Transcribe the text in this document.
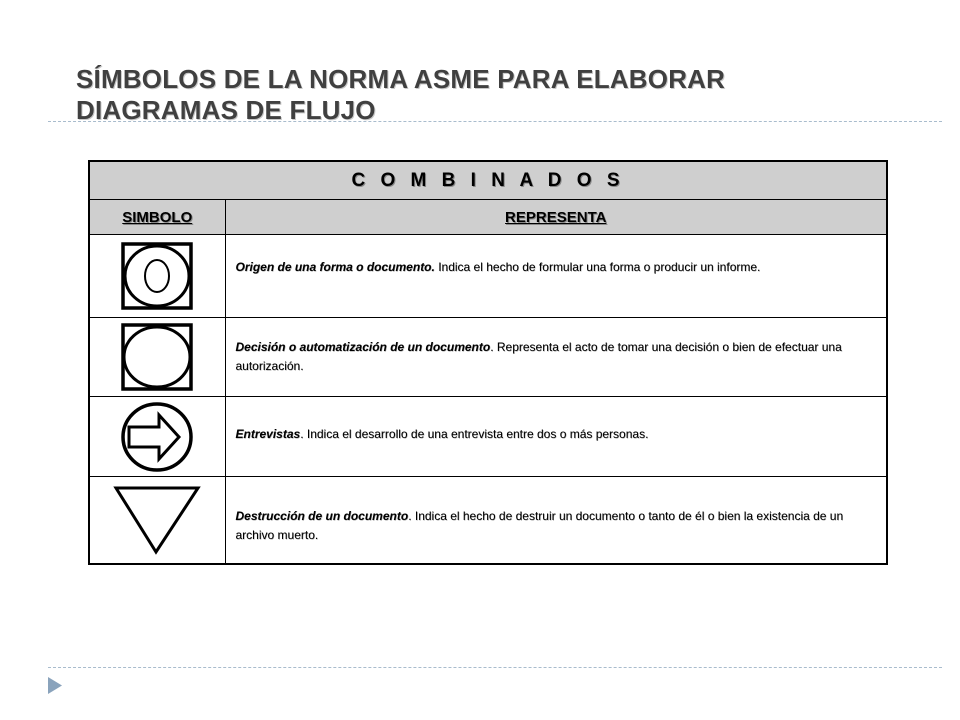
SÍMBOLOS DE LA NORMA ASME PARA ELABORAR DIAGRAMAS DE FLUJO
C O M B I N A D O S	
SIMBOLO	REPRESENTA

	Origen de una forma o documento. Indica el hecho de formular una forma o producir un informe.

	Decisión o automatización de un documento. Representa el acto de tomar una decisión o bien de efectuar una autorización.

	Entrevistas. Indica el desarrollo de una entrevista entre dos o más personas.

	Destrucción de un documento. Indica el hecho de destruir un documento o tanto de él o bien la existencia de un archivo muerto.
